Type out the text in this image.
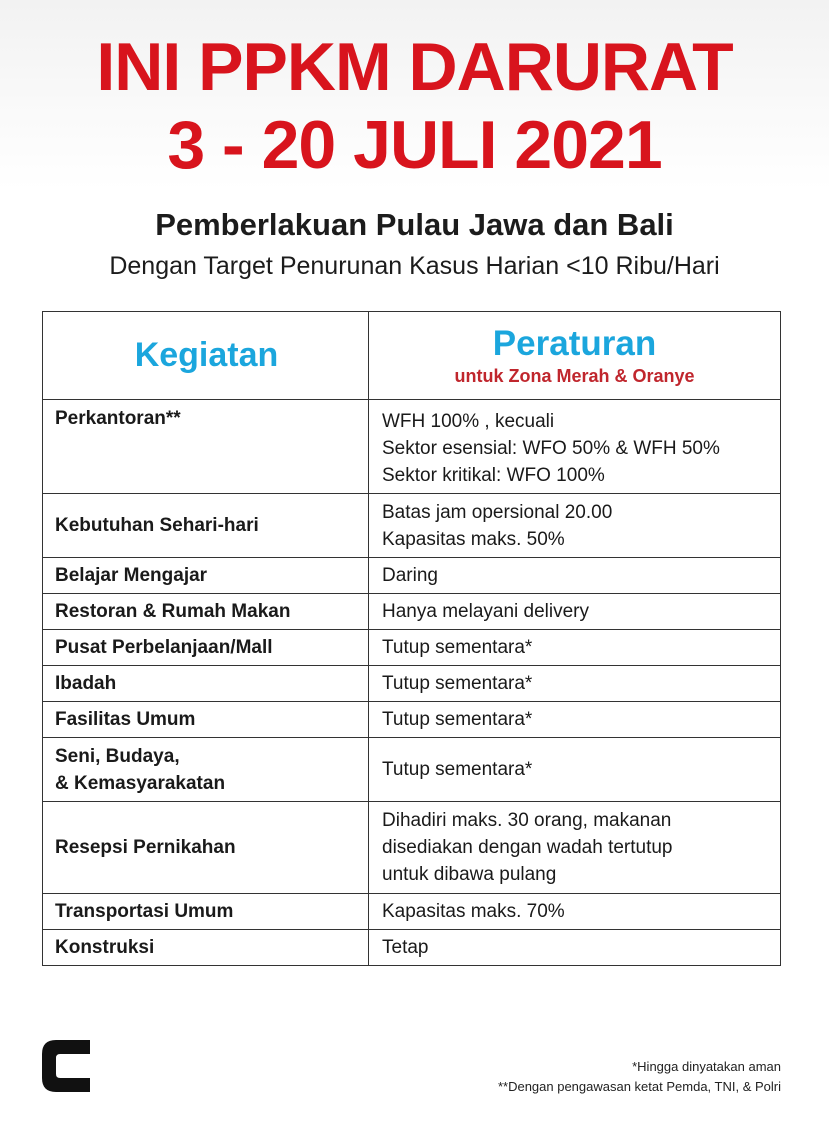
INI PPKM DARURAT
3 - 20 JULI 2021
Pemberlakuan Pulau Jawa dan Bali
Dengan Target Penurunan Kasus Harian <10 Ribu/Hari
Kegiatan	Peraturan
untuk Zona Merah & Oranye

Perkantoran**	WFH 100% , kecuali
Sektor esensial: WFO 50% & WFH 50%
Sektor kritikal: WFO 100%

Kebutuhan Sehari-hari	Batas jam opersional 20.00
Kapasitas maks. 50%

Belajar Mengajar	Daring
Restoran & Rumah Makan	Hanya melayani delivery
Pusat Perbelanjaan/Mall	Tutup sementara*
Ibadah	Tutup sementara*
Fasilitas Umum	Tutup sementara*

Seni, Budaya,
& Kemasyarakatan	Tutup sementara*
Resepsi Pernikahan	Dihadiri maks. 30 orang, makanan
disediakan dengan wadah tertutup
untuk dibawa pulang

Transportasi Umum	Kapasitas maks. 70%
Konstruksi	Tetap
*Hingga dinyatakan aman
**Dengan pengawasan ketat Pemda, TNI, & Polri
